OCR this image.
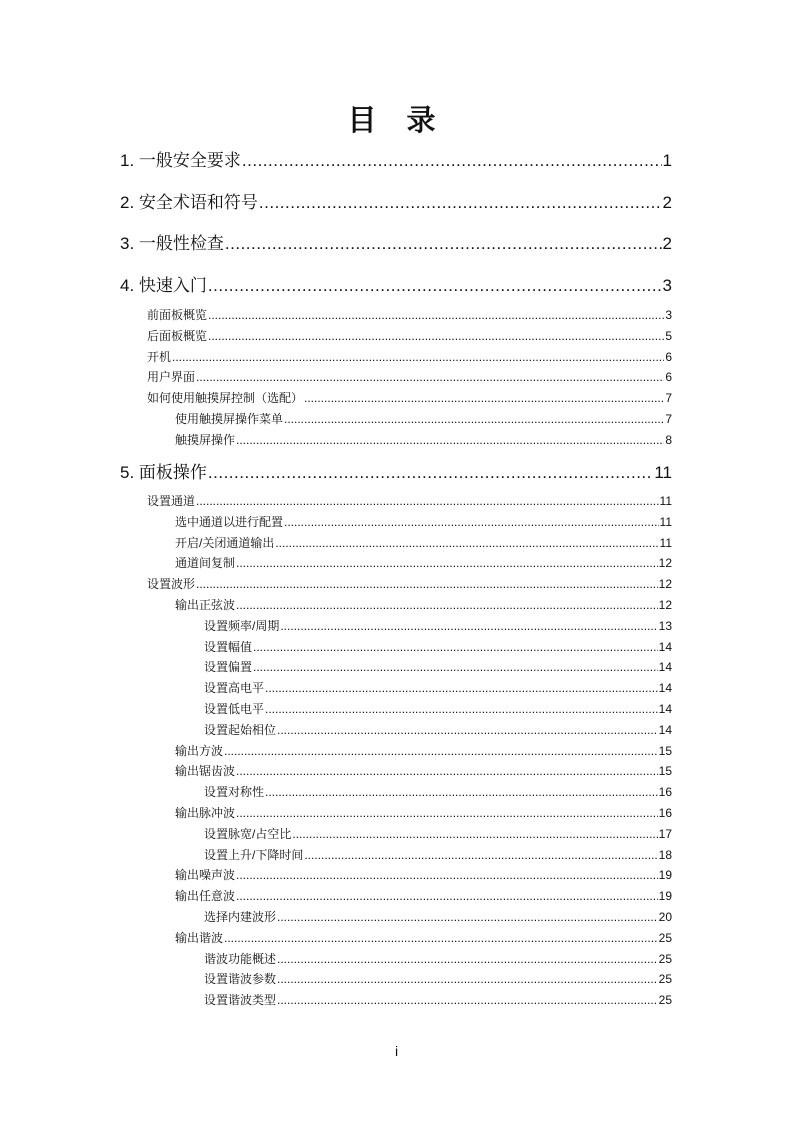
目 录
1. 一般安全要求 .....	1
2. 安全术语和符号 .....	2
3. 一般性检查 .....	2
4. 快速入门 .....	3
前面板概览 .....	3
后面板概览 .....	5
开机 .....	6
用户界面 .....	6
如何使用触摸屏控制（选配） .....	7
使用触摸屏操作菜单 .....	7
触摸屏操作 .....	8
5. 面板操作 .....	11
设置通道 .....	11
选中通道以进行配置 .....	11
开启/关闭通道输出 .....	11
通道间复制 .....	12
设置波形 .....	12
输出正弦波 .....	12
设置频率/周期 .....	13
设置幅值 .....	14
设置偏置 .....	14
设置高电平 .....	14
设置低电平 .....	14
设置起始相位 .....	14
输出方波 .....	15
输出锯齿波 .....	15
设置对称性 .....	16
输出脉冲波 .....	16
设置脉宽/占空比 .....	17
设置上升/下降时间 .....	18
输出噪声波 .....	19
输出任意波 .....	19
选择内建波形 .....	20
输出谐波 .....	25
谐波功能概述 .....	25
设置谐波参数 .....	25
设置谐波类型 .....	25
i
